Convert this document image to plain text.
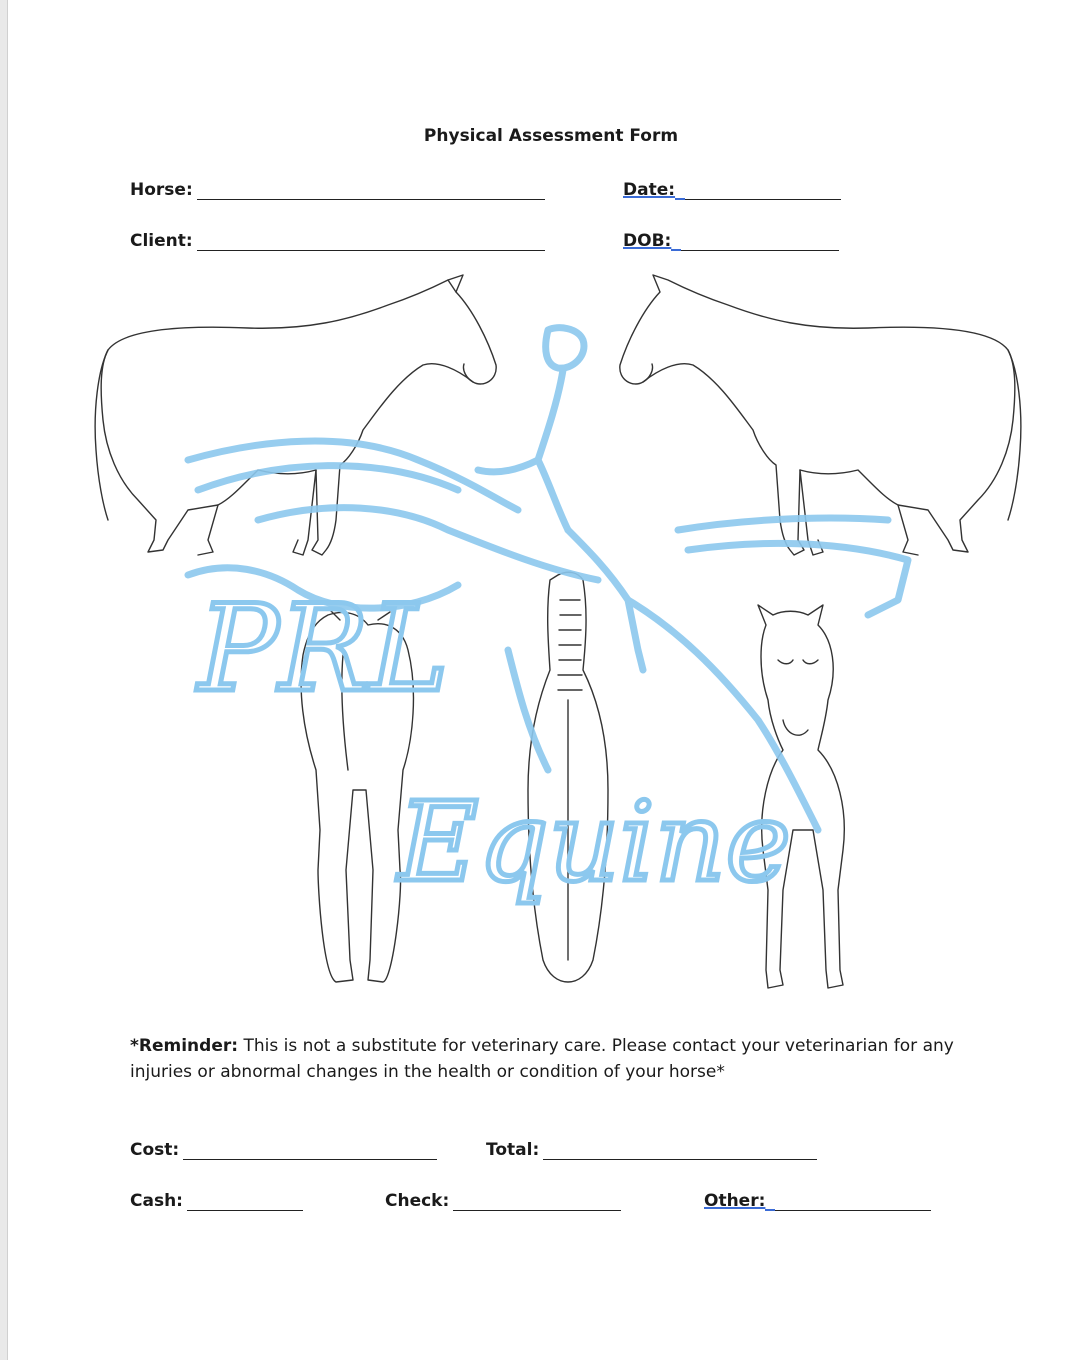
Physical Assessment Form
Horse:	Date:
Client:	DOB:
PRL
Equine
*Reminder: This is not a substitute for veterinary care. Please contact your veterinarian for any injuries or abnormal changes in the health or condition of your horse*
Cost:	Total:
Cash:	Check:	Other:
